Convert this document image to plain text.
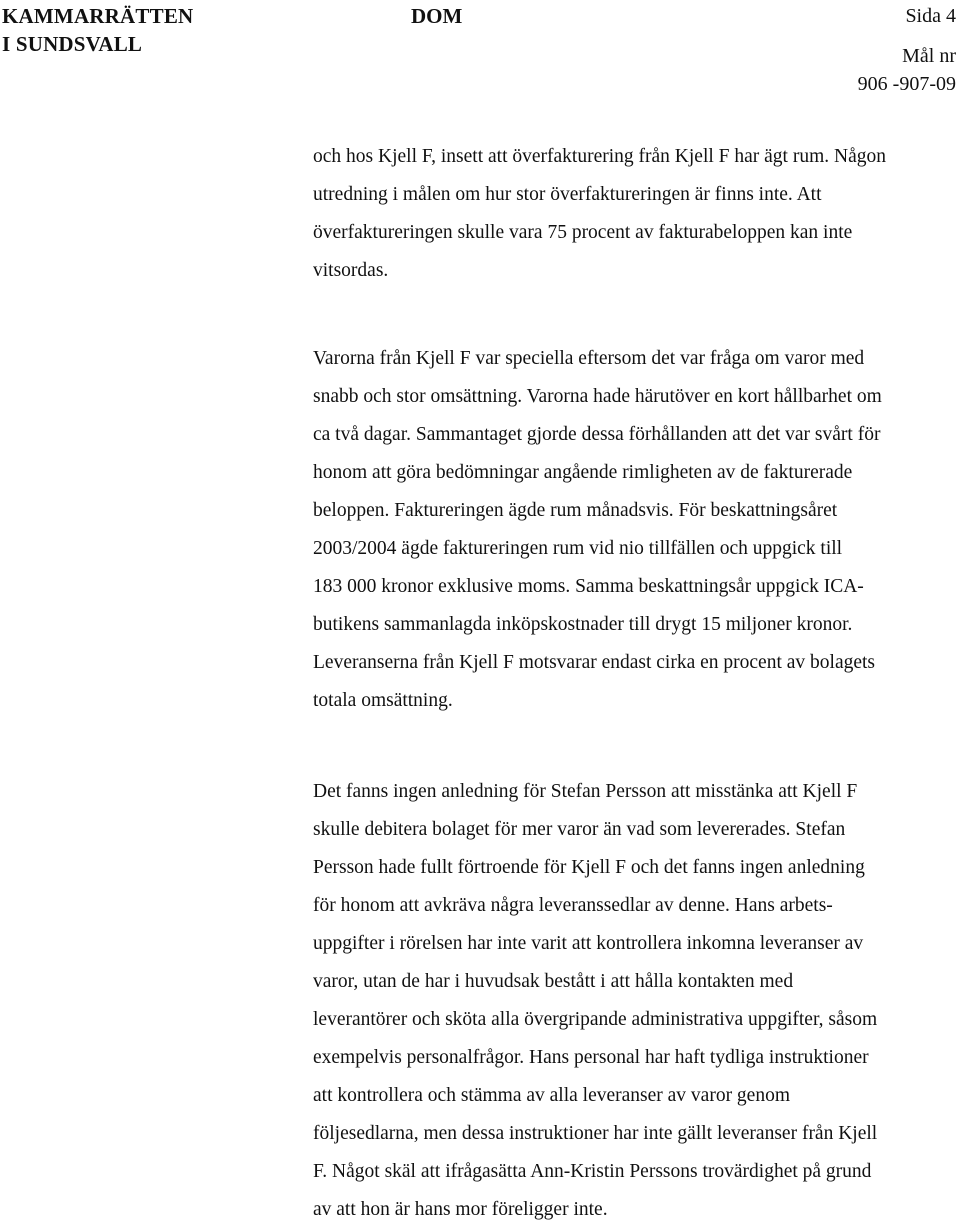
KAMMARRÄTTEN
I SUNDSVALL
DOM	Sida 4
Mål nr
906 -907-09

och hos Kjell F, insett att överfakturering från Kjell F har ägt rum. Någon
utredning i målen om hur stor överfaktureringen är finns inte. Att
överfaktureringen skulle vara 75 procent av fakturabeloppen kan inte
vitsordas.

Varorna från Kjell F var speciella eftersom det var fråga om varor med
snabb och stor omsättning. Varorna hade härutöver en kort hållbarhet om
ca två dagar. Sammantaget gjorde dessa förhållanden att det var svårt för
honom att göra bedömningar angående rimligheten av de fakturerade
beloppen. Faktureringen ägde rum månadsvis. För beskattningsåret
2003/2004 ägde faktureringen rum vid nio tillfällen och uppgick till
183 000 kronor exklusive moms. Samma beskattningsår uppgick ICA-
butikens sammanlagda inköpskostnader till drygt 15 miljoner kronor.
Leveranserna från Kjell F motsvarar endast cirka en procent av bolagets
totala omsättning.

Det fanns ingen anledning för Stefan Persson att misstänka att Kjell F
skulle debitera bolaget för mer varor än vad som levererades. Stefan
Persson hade fullt förtroende för Kjell F och det fanns ingen anledning
för honom att avkräva några leveranssedlar av denne. Hans arbets-
uppgifter i rörelsen har inte varit att kontrollera inkomna leveranser av
varor, utan de har i huvudsak bestått i att hålla kontakten med
leverantörer och sköta alla övergripande administrativa uppgifter, såsom
exempelvis personalfrågor. Hans personal har haft tydliga instruktioner
att kontrollera och stämma av alla leveranser av varor genom
följesedlarna, men dessa instruktioner har inte gällt leveranser från Kjell
F. Något skäl att ifrågasätta Ann-Kristin Perssons trovärdighet på grund
av att hon är hans mor föreligger inte.
